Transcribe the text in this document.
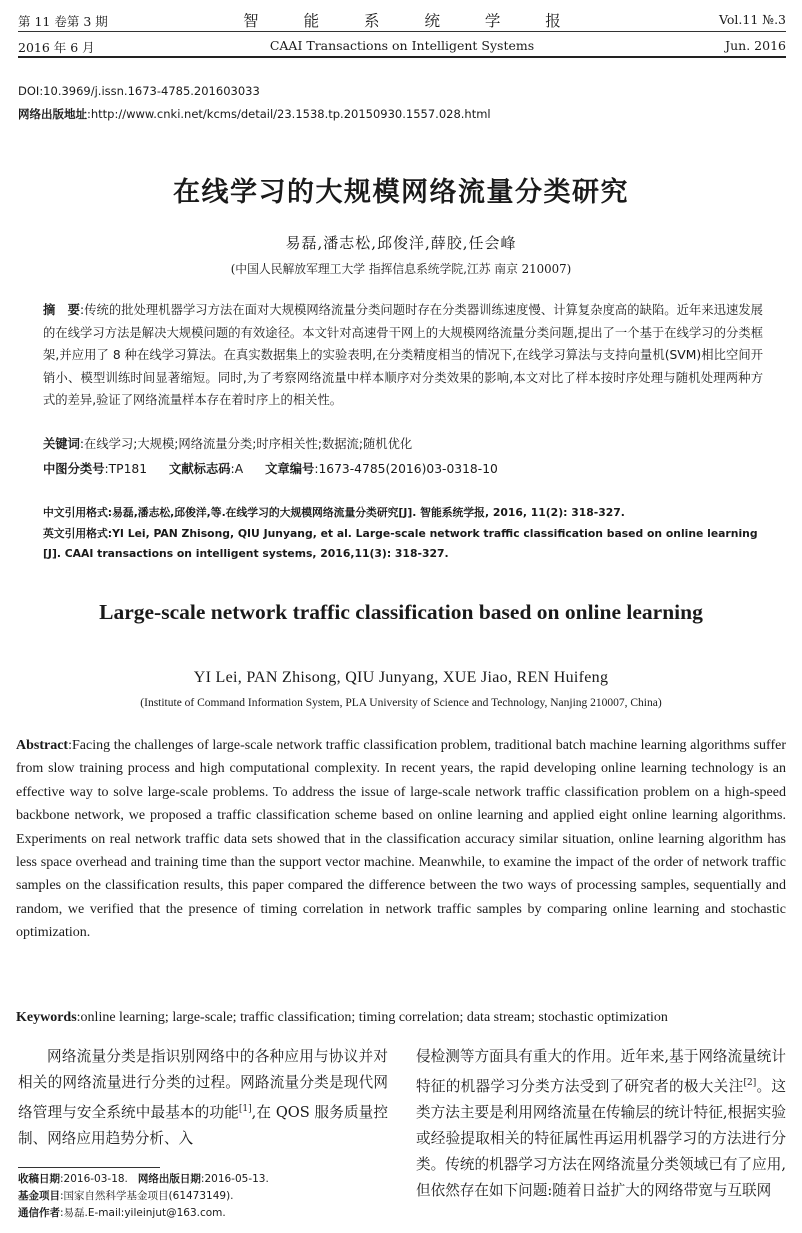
第 11 卷第 3 期	智 能 系 统 学 报	Vol.11 №.3
2016 年 6 月	CAAI Transactions on Intelligent Systems	Jun. 2016
DOI:10.3969/j.issn.1673-4785.201603033
网络出版地址:http://www.cnki.net/kcms/detail/23.1538.tp.20150930.1557.028.html
在线学习的大规模网络流量分类研究
易磊,潘志松,邱俊洋,薛胶,任会峰
(中国人民解放军理工大学 指挥信息系统学院,江苏 南京 210007)
摘　要:传统的批处理机器学习方法在面对大规模网络流量分类问题时存在分类器训练速度慢、计算复杂度高的缺陷。近年来迅速发展的在线学习方法是解决大规模问题的有效途径。本文针对高速骨干网上的大规模网络流量分类问题,提出了一个基于在线学习的分类框架,并应用了 8 种在线学习算法。在真实数据集上的实验表明,在分类精度相当的情况下,在线学习算法与支持向量机(SVM)相比空间开销小、模型训练时间显著缩短。同时,为了考察网络流量中样本顺序对分类效果的影响,本文对比了样本按时序处理与随机处理两种方式的差异,验证了网络流量样本存在着时序上的相关性。
关键词:在线学习;大规模;网络流量分类;时序相关性;数据流;随机优化
中图分类号:TP181 文献标志码:A 文章编号:1673-4785(2016)03-0318-10
中文引用格式:易磊,潘志松,邱俊洋,等.在线学习的大规模网络流量分类研究[J]. 智能系统学报, 2016, 11(2): 318-327.
英文引用格式:YI Lei, PAN Zhisong, QIU Junyang, et al. Large-scale network traffic classification based on online learning [J]. CAAI transactions on intelligent systems, 2016,11(3): 318-327.
Large-scale network traffic classification based on online learning
YI Lei, PAN Zhisong, QIU Junyang, XUE Jiao, REN Huifeng
(Institute of Command Information System, PLA University of Science and Technology, Nanjing 210007, China)
Abstract:Facing the challenges of large-scale network traffic classification problem, traditional batch machine learning algorithms suffer from slow training process and high computational complexity. In recent years, the rapid developing online learning technology is an effective way to solve large-scale problems. To address the issue of large-scale network traffic classification problem on a high-speed backbone network, we proposed a traffic classification scheme based on online learning and applied eight online learning algorithms. Experiments on real network traffic data sets showed that in the classification accuracy similar situation, online learning algorithm has less space overhead and training time than the support vector machine. Meanwhile, to examine the impact of the order of network traffic samples on the classification results, this paper compared the difference between the two ways of processing samples, sequentially and random, we verified that the presence of timing correlation in network traffic samples by comparing online learning and stochastic optimization.
Keywords:online learning; large-scale; traffic classification; timing correlation; data stream; stochastic optimization
网络流量分类是指识别网络中的各种应用与协议并对相关的网络流量进行分类的过程。网路流量分类是现代网络管理与安全系统中最基本的功能[1],在 QOS 服务质量控制、网络应用趋势分析、入
侵检测等方面具有重大的作用。近年来,基于网络流量统计特征的机器学习分类方法受到了研究者的极大关注[2]。这类方法主要是利用网络流量在传输层的统计特征,根据实验或经验提取相关的特征属性再运用机器学习的方法进行分类。传统的机器学习方法在网络流量分类领域已有了应用,但依然存在如下问题:随着日益扩大的网络带宽与互联网
收稿日期:2016-03-18. 网络出版日期:2016-05-13.
基金项目:国家自然科学基金项目(61473149).
通信作者:易磊.E-mail:yileinjut@163.com.
